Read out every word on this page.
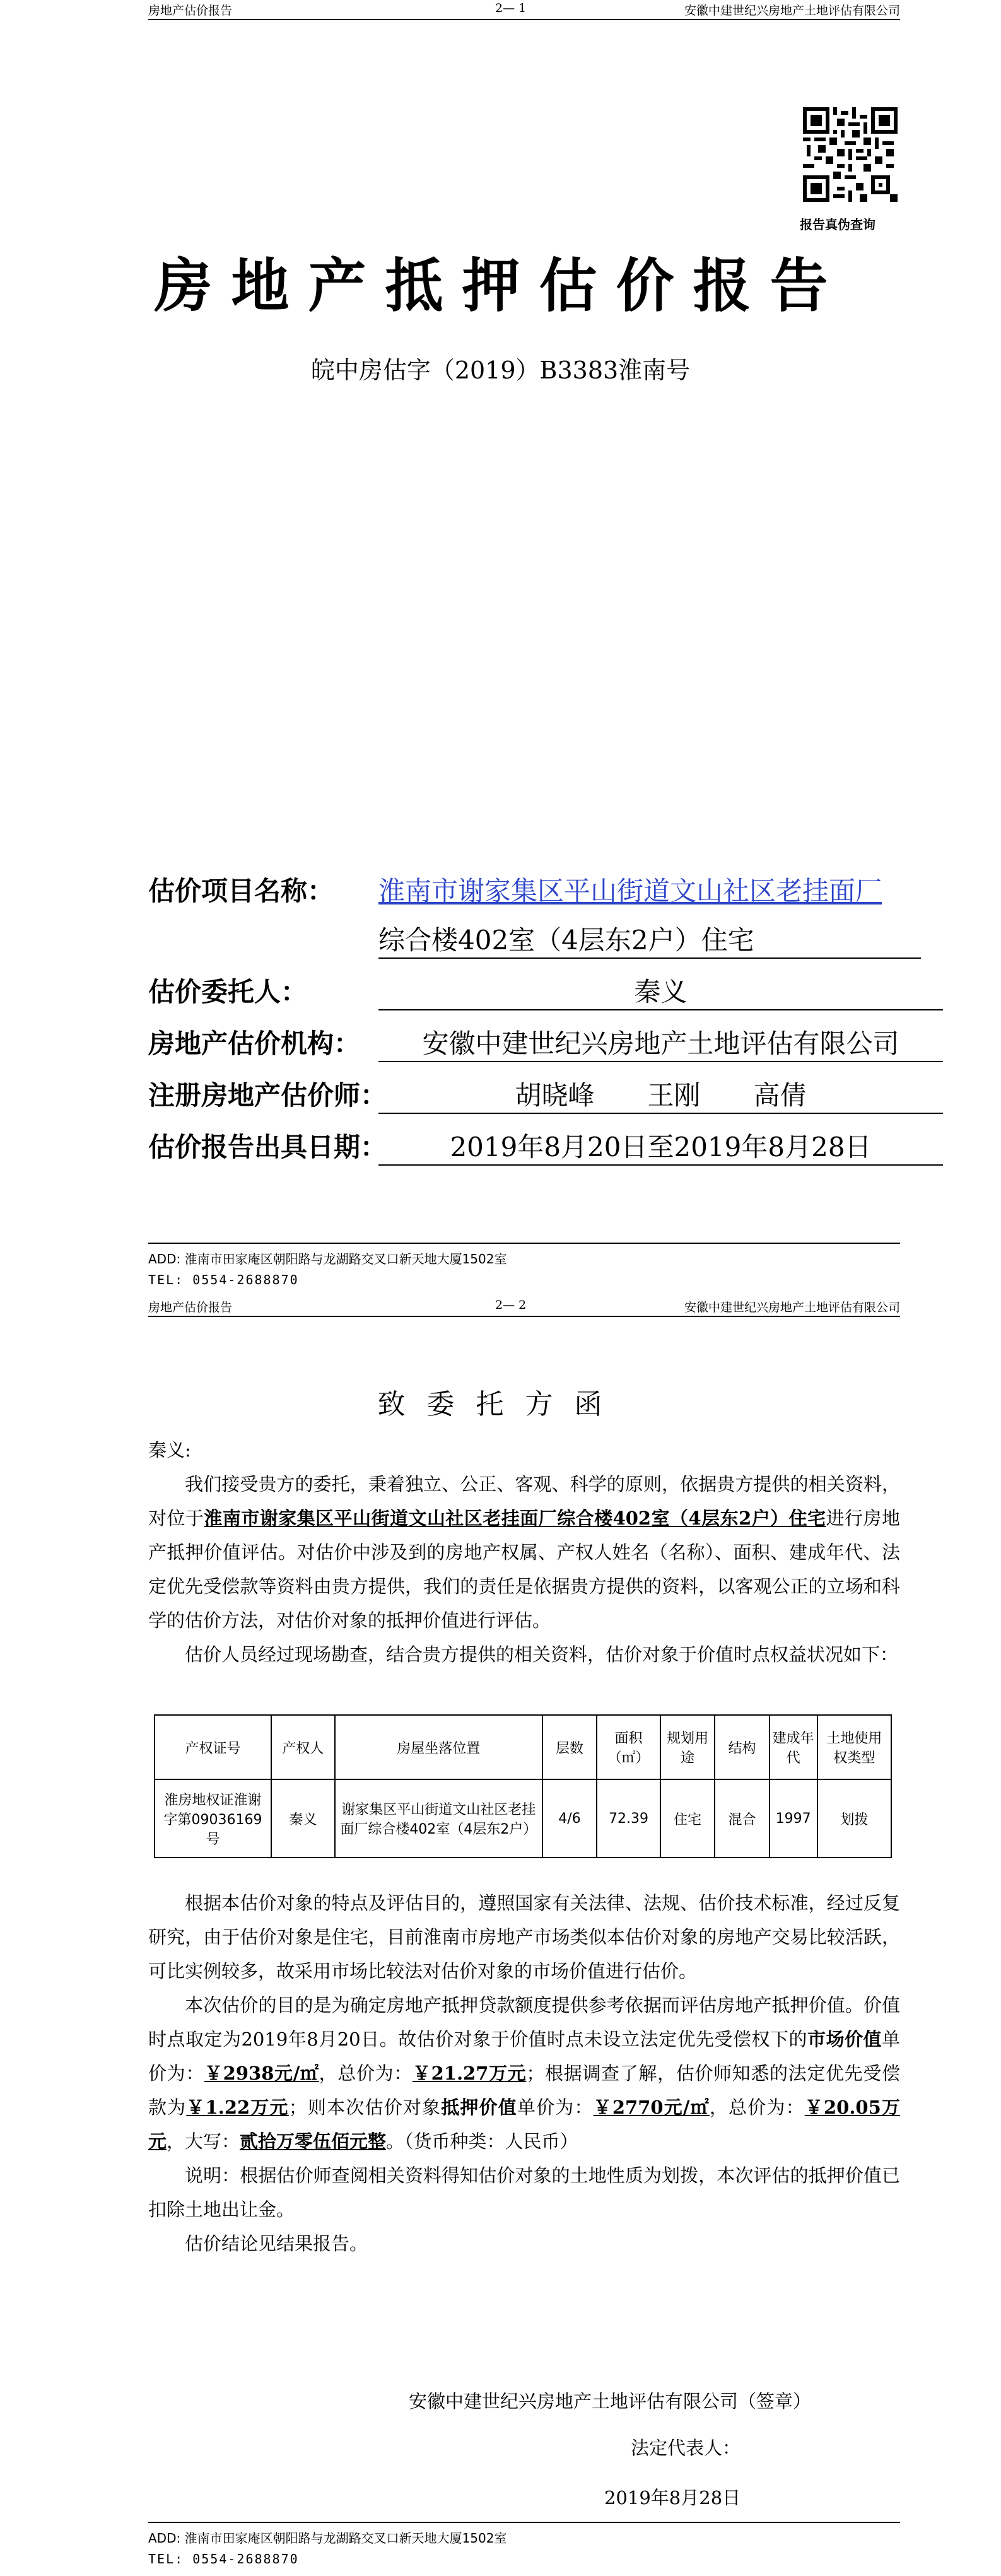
房地产估价报告	2— 1	安徽中建世纪兴房地产土地评估有限公司
报告真伪查询
房地产抵押估价报告
皖中房估字（2019）B3383淮南号
估价项目名称： 淮南市谢家集区平山街道文山社区老挂面厂
综合楼402室（4层东2户）住宅
估价委托人：	秦义
房地产估价机构：	安徽中建世纪兴房地产土地评估有限公司
注册房地产估价师：	胡晓峰　　王刚　　高倩
估价报告出具日期：	2019年8月20日至2019年8月28日
ADD: 淮南市田家庵区朝阳路与龙湖路交叉口新天地大厦1502室
TEL: 0554-2688870
房地产估价报告	2— 2	安徽中建世纪兴房地产土地评估有限公司
致委托方函

秦义:

我们接受贵方的委托，秉着独立、公正、客观、科学的原则，依据贵方提供的相关资料，对位于淮南市谢家集区平山街道文山社区老挂面厂综合楼402室（4层东2户）住宅进行房地产抵押价值评估。对估价中涉及到的房地产权属、产权人姓名（名称）、面积、建成年代、法定优先受偿款等资料由贵方提供，我们的责任是依据贵方提供的资料，以客观公正的立场和科学的估价方法，对估价对象的抵押价值进行评估。

估价人员经过现场勘查，结合贵方提供的相关资料，估价对象于价值时点权益状况如下：

产权证号	产权人	房屋坐落位置	层数	面积（㎡）	规划用途	结构	建成年代	土地使用权类型
淮房地权证淮谢字第09036169号	秦义	谢家集区平山街道文山社区老挂面厂综合楼402室（4层东2户）	4/6	72.39	住宅	混合	1997	划拨

根据本估价对象的特点及评估目的，遵照国家有关法律、法规、估价技术标准，经过反复研究，由于估价对象是住宅，目前淮南市房地产市场类似本估价对象的房地产交易比较活跃，可比实例较多，故采用市场比较法对估价对象的市场价值进行估价。

本次估价的目的是为确定房地产抵押贷款额度提供参考依据而评估房地产抵押价值。价值时点取定为2019年8月20日。故估价对象于价值时点未设立法定优先受偿权下的市场价值单价为：￥2938元/㎡，总价为：￥21.27万元；根据调查了解，估价师知悉的法定优先受偿款为￥1.22万元；则本次估价对象抵押价值单价为：￥2770元/㎡，总价为：￥20.05万元，大写：贰拾万零伍佰元整。（货币种类：人民币）

说明：根据估价师查阅相关资料得知估价对象的土地性质为划拨，本次评估的抵押价值已扣除土地出让金。

估价结论见结果报告。

安徽中建世纪兴房地产土地评估有限公司（签章）
法定代表人：
2019年8月28日
ADD: 淮南市田家庵区朝阳路与龙湖路交叉口新天地大厦1502室
TEL: 0554-2688870
